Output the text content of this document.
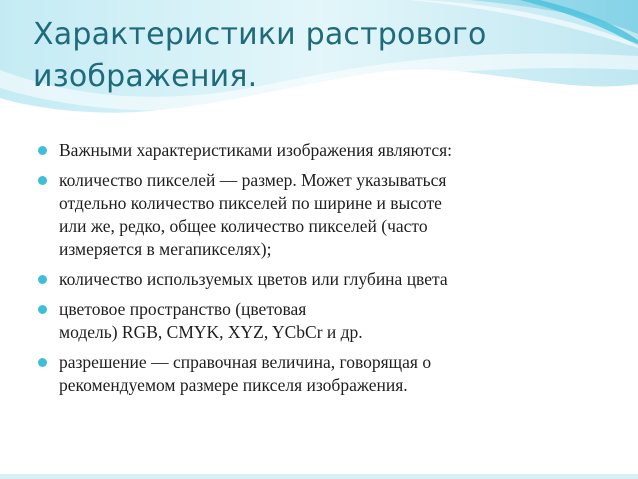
Характеристики растрового
изображения.
Важными характеристиками изображения являются:
количество пикселей — размер. Может указываться
отдельно количество пикселей по ширине и высоте
или же, редко, общее количество пикселей (часто
измеряется в мегапикселях);
количество используемых цветов или глубина цвета
цветовое пространство (цветовая
модель) RGB, CMYK, XYZ, YCbCr и др.
разрешение — справочная величина, говорящая о
рекомендуемом размере пикселя изображения.
